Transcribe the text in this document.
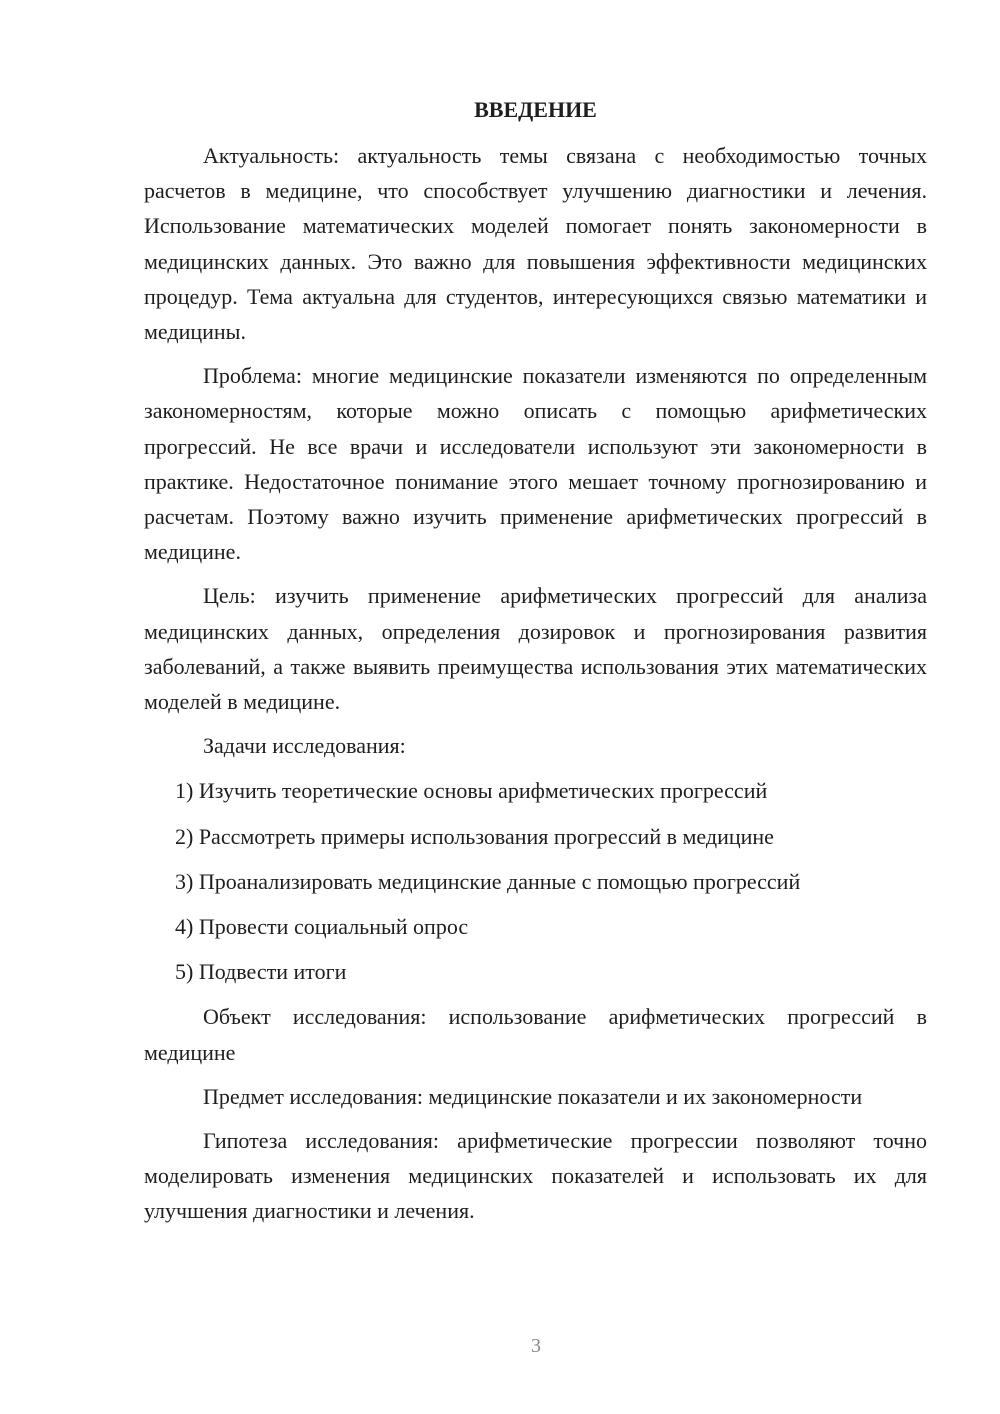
ВВЕДЕНИЕ

Актуальность: актуальность темы связана с необходимостью точных расчетов в медицине, что способствует улучшению диагностики и лечения. Использование математических моделей помогает понять закономерности в медицинских данных. Это важно для повышения эффективности медицинских процедур. Тема актуальна для студентов, интересующихся связью математики и медицины.

Проблема: многие медицинские показатели изменяются по определенным закономерностям, которые можно описать с помощью арифметических прогрессий. Не все врачи и исследователи используют эти закономерности в практике. Недостаточное понимание этого мешает точному прогнозированию и расчетам. Поэтому важно изучить применение арифметических прогрессий в медицине.

Цель: изучить применение арифметических прогрессий для анализа медицинских данных, определения дозировок и прогнозирования развития заболеваний, а также выявить преимущества использования этих математических моделей в медицине.

Задачи исследования:

1) Изучить теоретические основы арифметических прогрессий
2) Рассмотреть примеры использования прогрессий в медицине
3) Проанализировать медицинские данные с помощью прогрессий
4) Провести социальный опрос
5) Подвести итоги

Объект исследования: использование арифметических прогрессий в медицине

Предмет исследования: медицинские показатели и их закономерности

Гипотеза исследования: арифметические прогрессии позволяют точно моделировать изменения медицинских показателей и использовать их для улучшения диагностики и лечения.

3
